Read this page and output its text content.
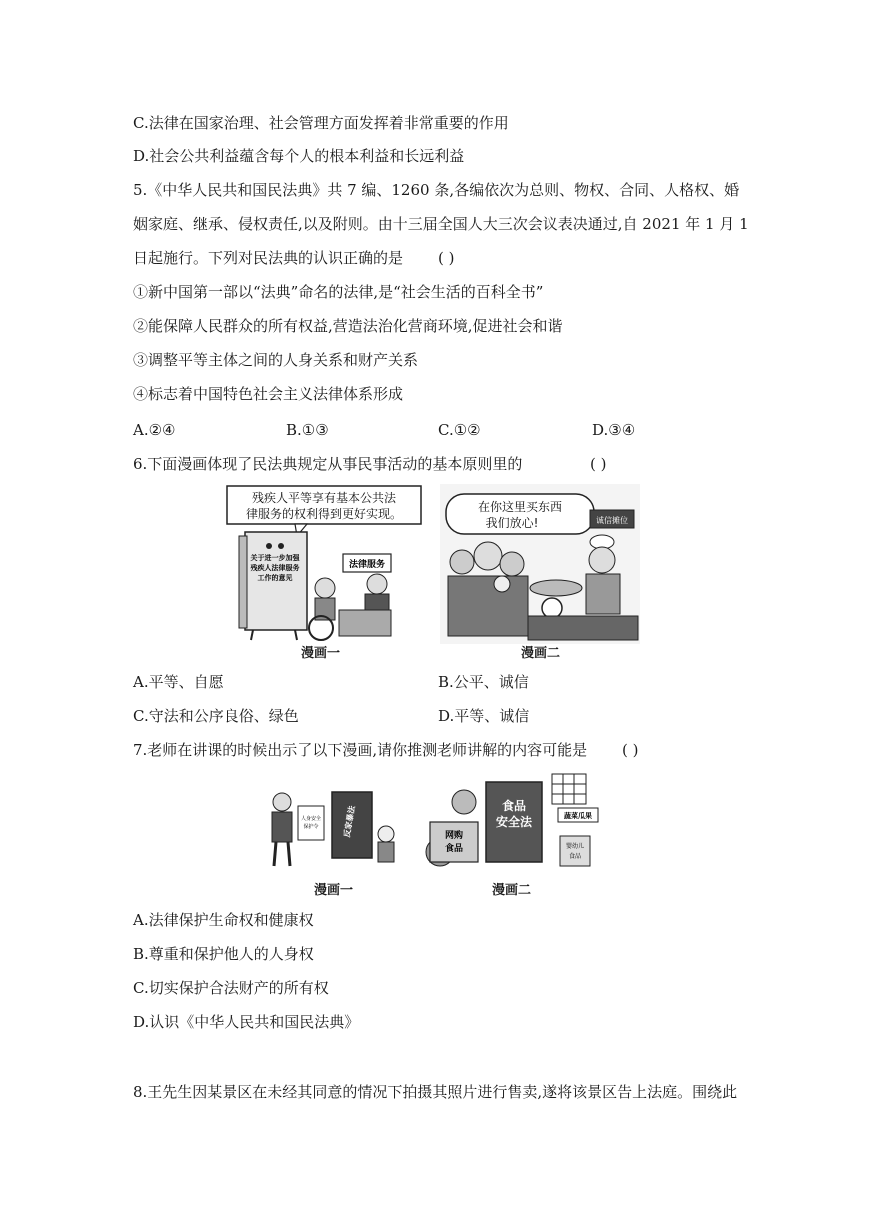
C.法律在国家治理、社会管理方面发挥着非常重要的作用
D.社会公共利益蕴含每个人的根本利益和长远利益
5.《中华人民共和国民法典》共 7 编、1260 条,各编依次为总则、物权、合同、人格权、婚
姻家庭、继承、侵权责任,以及附则。由十三届全国人大三次会议表决通过,自 2021 年 1 月 1
日起施行。下列对民法典的认识正确的是 ( )
①新中国第一部以“法典”命名的法律,是“社会生活的百科全书”
②能保障人民群众的所有权益,营造法治化营商环境,促进社会和谐
③调整平等主体之间的人身关系和财产关系
④标志着中国特色社会主义法律体系形成
A.②④	B.①③	C.①②	D.③④
6.下面漫画体现了民法典规定从事民事活动的基本原则里的	( )
残疾人平等享有基本公共法
律服务的权利得到更好实现。
关于进一步加强
残疾人法律服务
工作的意见
法律服务
漫画一
在你这里买东西
我们放心!	诚信摊位
漫画二
A.平等、自愿	B.公平、诚信
C.守法和公序良俗、绿色	D.平等、诚信
7.老师在讲课的时候出示了以下漫画,请你推测老师讲解的内容可能是 ( )
人身安全
保护令	反家暴法
漫画一
网购
食品
食品
安全法	蔬菜瓜果
婴幼儿
食品
漫画二
A.法律保护生命权和健康权
B.尊重和保护他人的人身权
C.切实保护合法财产的所有权
D.认识《中华人民共和国民法典》
8.王先生因某景区在未经其同意的情况下拍摄其照片进行售卖,遂将该景区告上法庭。围绕此
